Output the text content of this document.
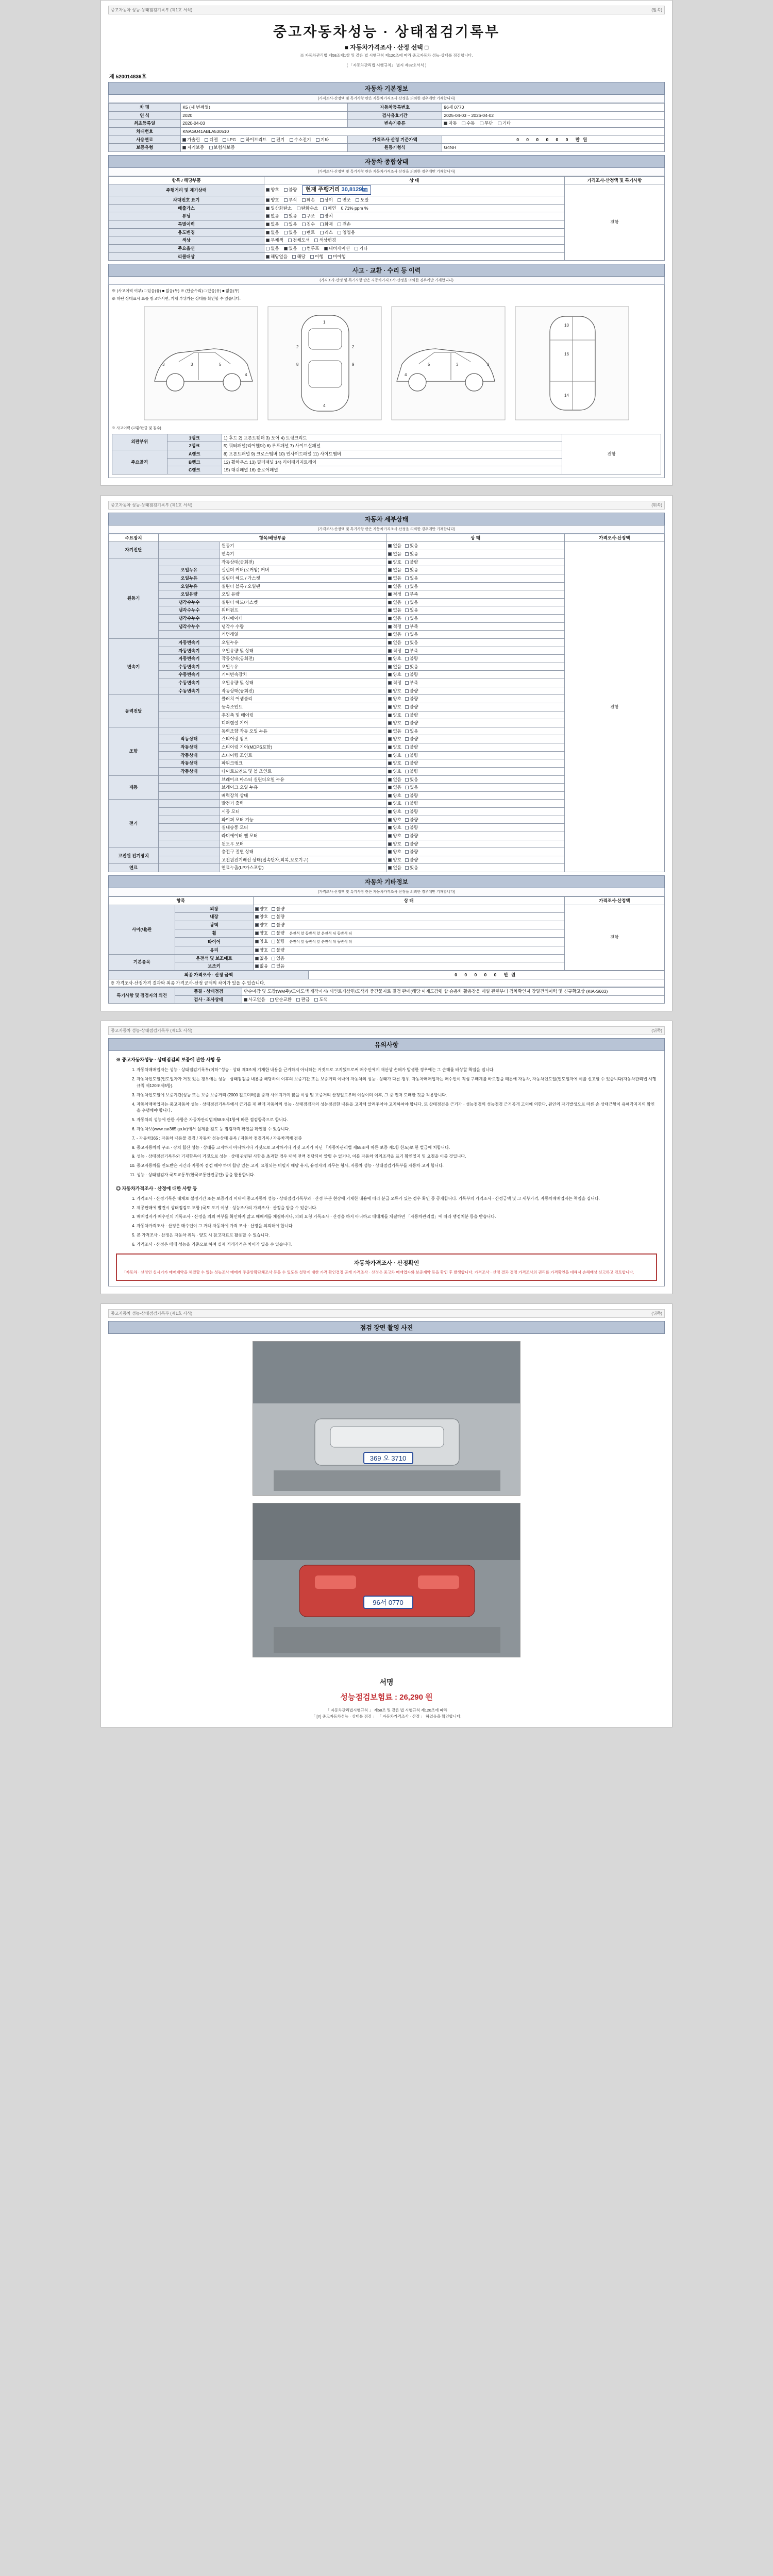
중고자동차 성능·상태점검기록부 (제1호 서식)	(앞쪽)
중고자동차성능 · 상태점검기록부
■ 자동차가격조사 · 산정 선택 □
※ 자동차관리법 제58조제1항 및 같은 법 시행규칙 제120조에 따라 중고자동차 성능·상태를 점검합니다.
( 「자동차관리법 시행규칙」 별지 제82호서식 )
제 520014836호
자동차 기본정보
(가격조사·산정액 및 특기사항 란은 자동차가격조사·산정을 의뢰한 경우에만 기재합니다)
차 명	K5 (세 번째열)	자동차등록번호	96세 0770
연 식	2020	검사유효기간	2025-04-03 ~ 2026-04-02
최초등록일	2020-04-03	변속기종류	자동 수동 무단 기타
차대번호	KNAGU41ABLA530510		
사용연료	가솔린 디젤 LPG 하이브리드 전기 수소전기 기타	가격조사·산정 기준가액	0 0 0 0 0 0 만원
보증유형	자기보증 보험사보증	원동기형식	G4NH
자동차 종합상태
(가격조사·산정액 및 특기사항 란은 자동차가격조사·산정을 의뢰한 경우에만 기재합니다)
항목 / 해당부품	상 태	가격조사·산정액 및 특기사항
주행거리 및 계기상태	양호 불량 현재 주행거리 30,8129㎞	전항
차대번호 표기	양호 부식 훼손 상이 변조 도말	
배출가스	일산화탄소 탄화수소 매연 0.71% ppm %	
튜닝	없음 있음 구조 장치	
특별이력	없음 있음 침수 화재 전손	
용도변경	없음 있음 렌트 리스 영업용	
색상	무채색 전체도색 색상변경	
주요옵션	없음 있음 썬루프 내비게이션 기타	
리콜대상	해당없음 해당 이행 미이행	
사고 · 교환 · 수리 등 이력
(가격조사·산정 및 특기사항 란은 자동차가격조사·산정을 의뢰한 경우에만 기재합니다)
※ (사고이력 여부) □ 있음(유) ■ 없음(무) ※ (단순수리) □ 있음(유) ■ 없음(무)
※ 하단 상태표시 표를 참고하시면, 기재 부위가는 상태를 확인할 수 있습니다.
3	3	5
4
1
4
8	9
2	2
3
3
5
4
10
16
14
※ 사고이력 (교환/판금 및 침수)
외판부위	1랭크	1) 후드 2) 프론트휀더 3) 도어 4) 트렁크리드	전항
	2랭크	5) 쿼터패널(리어휀더) 6) 루프패널 7) 사이드실패널	
주요골격	A랭크	8) 프론트패널 9) 크로스멤버 10) 인사이드패널 11) 사이드멤버	
	B랭크	12) 휠하우스 13) 필러패널 14) 리어패키지트레이	
	C랭크	15) 대쉬패널 16) 플로어패널	
중고자동차 성능·상태점검기록부 (제1호 서식)	(뒤쪽)
자동차 세부상태
(가격조사·산정액 및 특기사항 란은 자동차가격조사·산정을 의뢰한 경우에만 기재합니다)
주요장치	항목/해당부품		상 태	가격조사·산정액
자기진단		원동기	없음 있음	전항
		변속기	없음 있음	
원동기		작동상태(공회전)	양호 불량	
	오일누유	실린더 커버(로커암) 커버	없음 있음	
	오일누유	실린더 헤드 / 가스켓	없음 있음	
	오일누유	실린더 블록 / 오일팬	없음 있음	
	오일유량	오일 유량	적정 부족	
	냉각수누수	실린더 헤드/가스켓	없음 있음	
	냉각수누수	워터펌프	없음 있음	
	냉각수누수	라디에이터	없음 있음	
	냉각수누수	냉각수 수량	적정 부족	
		커먼레일	없음 있음	
변속기	자동변속기	오일누유	없음 있음	
	자동변속기	오일유량 및 상태	적정 부족	
	자동변속기	작동상태(공회전)	양호 불량	
	수동변속기	오일누유	없음 있음	
	수동변속기	기어변속장치	양호 불량	
	수동변속기	오일유량 및 상태	적정 부족	
	수동변속기	작동상태(공회전)	양호 불량	
동력전달		클러치 어셈블리	양호 불량	
		등속조인트	양호 불량	
		추진축 및 베어링	양호 불량	
		디퍼렌셜 기어	양호 불량	
조향		동력조향 작동 오일 누유	없음 있음	
	작동상태	스티어링 펌프	양호 불량	
	작동상태	스티어링 기어(MDPS포함)	양호 불량	
	작동상태	스티어링 조인트	양호 불량	
	작동상태	파워크랭크	양호 불량	
	작동상태	타이로드엔드 및 볼 조인트	양호 불량	
제동		브레이크 마스터 실린더오일 누유	없음 있음	
		브레이크 오일 누유	없음 있음	
		배력장치 상태	양호 불량	
전기		발전기 출력	양호 불량	
		시동 모터	양호 불량	
		와이퍼 모터 기능	양호 불량	
		실내송풍 모터	양호 불량	
		라디에이터 팬 모터	양호 불량	
		윈도우 모터	양호 불량	
고전원 전기장치		충전구 절연 상태	양호 불량	
		고전원전기배선 상태(접속단자,피복,보호기구)	양호 불량	
연료		연료누출(LP가스포함)	없음 있음	
자동차 기타정보
(가격조사·산정액 및 특기사항 란은 자동차가격조사·산정을 의뢰한 경우에만 기재합니다)
항목		상 태	가격조사·산정액
사이(내)관	외장	양호 불량	전항
	내장	양호 불량	
	광택	양호 불량	
	휠	양호 불량 운전석 앞 동반석 앞 운전석 뒤 동반석 뒤	
	타이어	양호 불량 운전석 앞 동반석 앞 운전석 뒤 동반석 뒤	
	유리	양호 불량	
기본품목	운전석 및 보조매트	없음 있음	
	보조키	없음 있음	
최종 가격조사 · 산정 금액	0 0 0 0 0 만원
※ 가격조사·산정가격 결과와 최종 가격조사·산정 금액의 차이가 있을 수 있습니다.
특기사항 및 점검자의 의견	품질 · 상태점검	단순마감 및 도장(WM주)/도어도색 제작시시/ 세인트제삼면/도색과 중간물지로 질검 판매(해당 이재도감평 합 승용차 활용장을 매일 관련부터 검차확인지 장밀건의이력 및 신규확고상 (KIA-S603)
	검사 · 조사상태	사고없음 단순교환 판금 도색
중고자동차 성능·상태점검기록부 (제1호 서식)	(뒤쪽)
유의사항
※ 중고자동차성능 · 상태점검의 보증에 관한 사항 등
1. 자동차매매업자는 성능 · 상태점검기록부(이하 "성능 · 상태 제3조제 기재한 내용을 근거하지 아니하는 거짓으로 고지했으로써 매수인에게 재산상 손해가 발생한 경우에는 그 손해를 배상할 책임을 집니다.
2. 자동차인도일(인도일자가 거짓 있는 경우에는 성능 · 상태점검을 내용을 해당하여 이후의 보증기간 또는 보증거리 이내에 자동차의 성능 · 상태가 다른 경우, 자동차매매업자는 매수인이 직심 구매계를 바로잡을 때문에 자동차, 자동차인도일(인도일자에 이를 신고할 수 있습니다(자동차관리법 시행규칙 제120조제5항).
3. 자동차인도일에 보증기간(성능 또는 보증 보증거리 (2000 킬로미터)를 중개 사유지가지 않을 이상 및 보증거리 산정일로부터 이상이며 이후, 그 중 먼저 도래한 것을 적용합니다.
4. 자동차매매업자는 중고자동차 성능 · 상태점검기록부에서 근거를 제 판매 자동차의 성능 · 상태점검자의 성능점검한 내용을 고지해 알려주어야 고지하여야 합니다. 또 상태점검을 근거가 · 성능점검의 성능점검 근거공개 고의에 의한다, 원인의 자기발생으로 따른 손 상태근황이 유해각지지의 확인을 수행해야 합니다.
5. 자동차의 성능에 관한 사항은 자동차관리법제58조제1항에 따른 점검항목으로 합니다.
6. 자동차보(www.car365.go.kr)에서 실제를 검토 등 점검자격 확인을 확인할 수 있습니다.
7. - 자동차365 : 자동차 내용물 검검 / 자동차 성능상태 등록 / 자동차 점검기록 / 자동차객체 검증
8. 중고자동차의 구조 · 장치 합산 성능 · 상태를 고지하지 아니하거나 거짓으로 고지하거나 거짓 고지가 아닌 「자동차관리법 제58조에 따른 보증 제1항 한도)로 한 벌금에 처합니다.
9. 성능 · 상태점검기록부와 기재항목이 거짓으로 성능 · 상태 관련된 사항을 초과할 경우 대해 전액 정당되어 알릴 수 없거나, 이를 자동차 임의조작을 표기 확인일지 및 요청을 이룰 것입니다.
10. 중고자동차를 인도받은 시간과 자동차 점검 해야 하며 합당 있는 고지, 요청되는 미필지 해당 유지, 유정자의 의무는 형사, 자동차 성능 · 상태점검기록부를 자동차 고지 합니다.
11. 성능 · 상태점검자 국토교통부(한국교통안전공단) 등을 활용합니다.
◎ 자동차가격조사 · 산정에 대한 사항 등
1. 가격조사 · 산정기록은 대체로 설정기간 또는 보증거리 이내에 중고자동차 성능 · 상태점검기록부와 · 산정 부분 현장에 기재한 내용에 따라 분급 오류가 있는 경우 확인 등 공개합니다. 기록부의 가격조사 · 산정금액 및 그 세부가격, 자동차매매업자는 책임을 집니다.
2. 제공판매에 발견시 상태점검도 포함 (국토 포기 이상 · 성능조사의 가격조사 · 산정을 받을 수 있습니다.
3. 매매업자가 매수인의 기록조사 · 산정을 의뢰 여부를 확인하지 않고 매매계를 체결하거나, 의뢰 요청 기록조사 · 산정을 하지 아니하고 매매계를 체결하면 「자동차관리법」에 따라 행정처분 등을 받습니다.
4. 자동차가격조사 · 산정은 매수인이 그 거래 자동차에 가격 조사 · 산정을 의뢰해야 합니다.
5. 본 가격조사 · 산정은 자동차 취득 · 양도 시 참고자료로 활용할 수 있습니다.
6. 가격조사 · 산정은 매매 성능을 기준으로 하며 실제 거래가격은 차이가 있을 수 있습니다.
자동차가격조사 · 산정확인
「자동차 · 산정인 실시기가 매매계약을 체결할 수 있는 성능조사 매매계 주중앙확단체조사 등을 수 있도록 설명에 대한 가격 확인결정 공개 가격조사 · 산정은 중고차 매매업자와 보증계약 등을 확인 후 발생합니다. 가격조사 · 산정 결과 결정 가격조사의 권리를 가격확인을 대해서 손해배상 신고하고 검토합니다.
중고자동차 성능·상태점검기록부 (제1호 서식)	(뒤쪽)
점검 장면 촬영 사진
369 오 3710
96서 0770
서명
성능점검보험료 : 26,290 원
「 자동차관리법시행규칙 」 제58조 및 같은 법 시행규칙 제120조에 따라
「 [Y] 중고자동차성능 · 상태를 점검 」 「 자동차가격조사 · 산정 」 하였음을 확인합니다.
